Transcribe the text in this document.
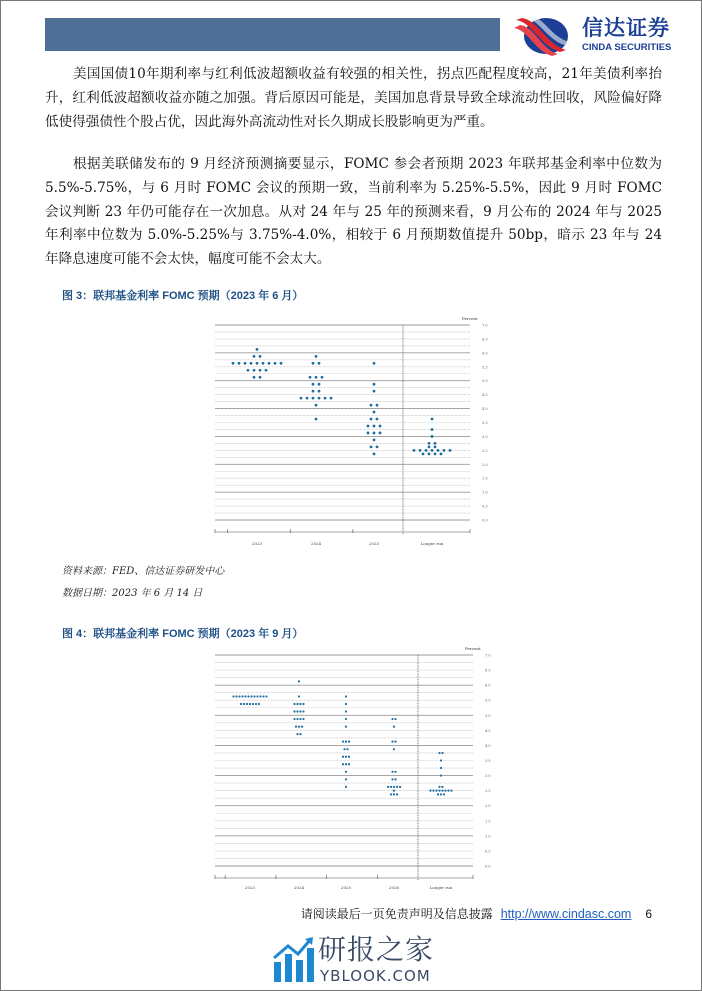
信达证券
CINDA SECURITIES

美国国债10年期利率与红利低波超额收益有较强的相关性，拐点匹配程度较高，21年美债利率抬升，红利低波超额收益亦随之加强。背后原因可能是，美国加息背景导致全球流动性回收，风险偏好降低使得强债性个股占优，因此海外高流动性对长久期成长股影响更为严重。

根据美联储发布的 9 月经济预测摘要显示，FOMC 参会者预期 2023 年联邦基金利率中位数为 5.5%-5.75%，与 6 月时 FOMC 会议的预期一致，当前利率为 5.25%-5.5%，因此 9 月时 FOMC 会议判断 23 年仍可能存在一次加息。从对 24 年与 25 年的预测来看，9 月公布的 2024 年与 2025 年利率中位数为 5.0%-5.25%与 3.75%-4.0%，相较于 6 月预期数值提升 50bp，暗示 23 年与 24 年降息速度可能不会太快，幅度可能不会太大。

图 3：联邦基金利率 FOMC 预期（2023 年 6 月）
0.0
0.5
1.0
1.5
2.0
2.5
3.0
3.5
4.0
4.5
5.0
5.5
6.0
6.5
7.0
Percent
2023	2024	2025	Longer run
资料来源：FED、信达证券研发中心
数据日期：2023 年 6 月 14 日
图 4：联邦基金利率 FOMC 预期（2023 年 9 月）
0.0
0.5
1.0
1.5
2.0
2.5
3.0
3.5
4.0
4.5
5.0
5.5
6.0
6.5
7.0
Percent
2023	2024	2025	2026	Longer run
请阅读最后一页免责声明及信息披露 http://www.cindasc.com 6
研报之家
YBLOOK.COM
